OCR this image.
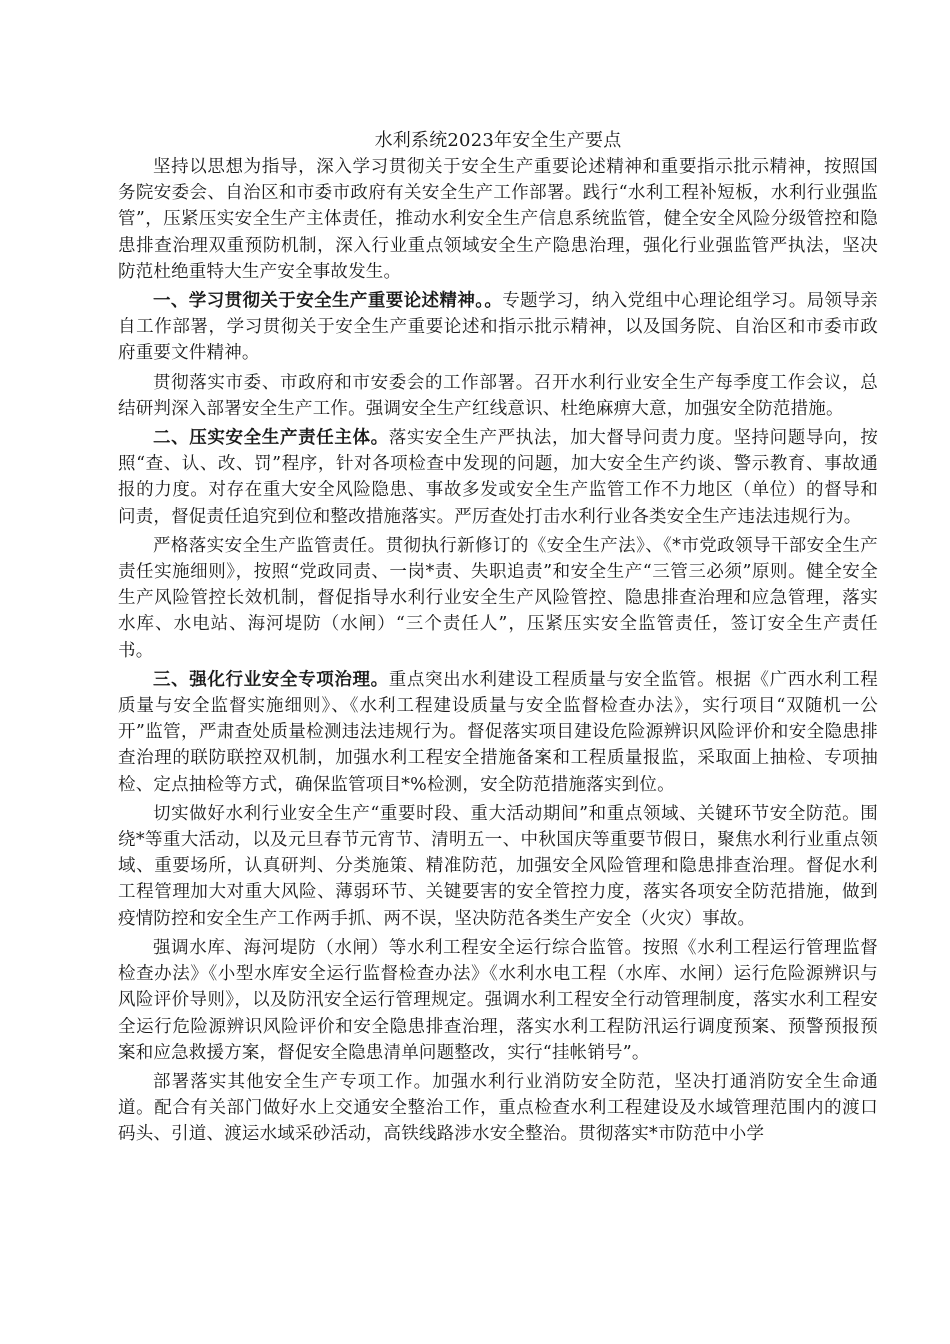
水利系统2023年安全生产要点

坚持以思想为指导，深入学习贯彻关于安全生产重要论述精神和重要指示批示精神，按照国务院安委会、自治区和市委市政府有关安全生产工作部署。践行“水利工程补短板，水利行业强监管”，压紧压实安全生产主体责任，推动水利安全生产信息系统监管，健全安全风险分级管控和隐患排查治理双重预防机制，深入行业重点领域安全生产隐患治理，强化行业强监管严执法，坚决防范杜绝重特大生产安全事故发生。

一、学习贯彻关于安全生产重要论述精神。。专题学习，纳入党组中心理论组学习。局领导亲自工作部署，学习贯彻关于安全生产重要论述和指示批示精神，以及国务院、自治区和市委市政府重要文件精神。

贯彻落实市委、市政府和市安委会的工作部署。召开水利行业安全生产每季度工作会议，总结研判深入部署安全生产工作。强调安全生产红线意识、杜绝麻痹大意，加强安全防范措施。

二、压实安全生产责任主体。落实安全生产严执法，加大督导问责力度。坚持问题导向，按照“查、认、改、罚”程序，针对各项检查中发现的问题，加大安全生产约谈、警示教育、事故通报的力度。对存在重大安全风险隐患、事故多发或安全生产监管工作不力地区（单位）的督导和问责，督促责任追究到位和整改措施落实。严厉查处打击水利行业各类安全生产违法违规行为。

严格落实安全生产监管责任。贯彻执行新修订的《安全生产法》、《*市党政领导干部安全生产责任实施细则》，按照“党政同责、一岗*责、失职追责”和安全生产“三管三必须”原则。健全安全生产风险管控长效机制，督促指导水利行业安全生产风险管控、隐患排查治理和应急管理，落实水库、水电站、海河堤防（水闸）“三个责任人”，压紧压实安全监管责任，签订安全生产责任书。

三、强化行业安全专项治理。重点突出水利建设工程质量与安全监管。根据《广西水利工程质量与安全监督实施细则》、《水利工程建设质量与安全监督检查办法》，实行项目“双随机一公开”监管，严肃查处质量检测违法违规行为。督促落实项目建设危险源辨识风险评价和安全隐患排查治理的联防联控双机制，加强水利工程安全措施备案和工程质量报监，采取面上抽检、专项抽检、定点抽检等方式，确保监管项目*%检测，安全防范措施落实到位。

切实做好水利行业安全生产“重要时段、重大活动期间”和重点领域、关键环节安全防范。围绕*等重大活动，以及元旦春节元宵节、清明五一、中秋国庆等重要节假日，聚焦水利行业重点领域、重要场所，认真研判、分类施策、精准防范，加强安全风险管理和隐患排查治理。督促水利工程管理加大对重大风险、薄弱环节、关键要害的安全管控力度，落实各项安全防范措施，做到疫情防控和安全生产工作两手抓、两不误，坚决防范各类生产安全（火灾）事故。

强调水库、海河堤防（水闸）等水利工程安全运行综合监管。按照《水利工程运行管理监督检查办法》《小型水库安全运行监督检查办法》《水利水电工程（水库、水闸）运行危险源辨识与风险评价导则》，以及防汛安全运行管理规定。强调水利工程安全行动管理制度，落实水利工程安全运行危险源辨识风险评价和安全隐患排查治理，落实水利工程防汛运行调度预案、预警预报预案和应急救援方案，督促安全隐患清单问题整改，实行“挂帐销号”。

部署落实其他安全生产专项工作。加强水利行业消防安全防范，坚决打通消防安全生命通道。配合有关部门做好水上交通安全整治工作，重点检查水利工程建设及水域管理范围内的渡口码头、引道、渡运水域采砂活动，高铁线路涉水安全整治。贯彻落实*市防范中小学
